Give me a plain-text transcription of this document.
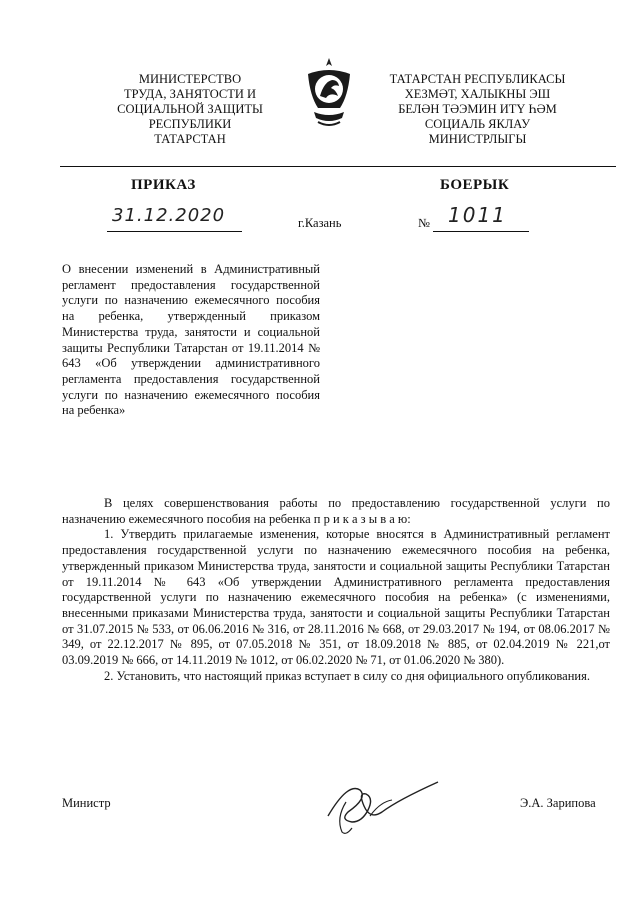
МИНИСТЕРСТВО
ТРУДА, ЗАНЯТОСТИ И
СОЦИАЛЬНОЙ ЗАЩИТЫ
РЕСПУБЛИКИ
ТАТАРСТАН
ТАТАРСТАН РЕСПУБЛИКАСЫ
ХЕЗМӘТ, ХАЛЫКНЫ ЭШ
БЕЛӘН ТӘЭМИН ИТҮ ҺӘМ
СОЦИАЛЬ ЯКЛАУ
МИНИСТРЛЫГЫ
ПРИКАЗ	БОЕРЫК
31.12.2020	г.Казань	№ 1011

О внесении изменений в Административный регламент предоставления государственной услуги по назначению ежемесячного пособия на ребенка, утвержденный приказом Министерства труда, занятости и социальной защиты Республики Татарстан от 19.11.2014 № 643 «Об утверждении административного регламента предоставления государственной услуги по назначению ежемесячного пособия на ребенка»

В целях совершенствования работы по предоставлению государственной услуги по назначению ежемесячного пособия на ребенка п р и к а з ы в а ю:

1. Утвердить прилагаемые изменения, которые вносятся в Административный регламент предоставления государственной услуги по назначению ежемесячного пособия на ребенка, утвержденный приказом Министерства труда, занятости и социальной защиты Республики Татарстан от 19.11.2014 № 643 «Об утверждении Административного регламента предоставления государственной услуги по назначению ежемесячного пособия на ребенка» (с изменениями, внесенными приказами Министерства труда, занятости и социальной защиты Республики Татарстан от 31.07.2015 № 533, от 06.06.2016 № 316, от 28.11.2016 № 668, от 29.03.2017 № 194, от 08.06.2017 № 349, от 22.12.2017 № 895, от 07.05.2018 № 351, от 18.09.2018 № 885, от 02.04.2019 № 221,от 03.09.2019 № 666, от 14.11.2019 № 1012, от 06.02.2020 № 71, от 01.06.2020 № 380).

2. Установить, что настоящий приказ вступает в силу со дня официального опубликования.

Министр	Э.А. Зарипова
